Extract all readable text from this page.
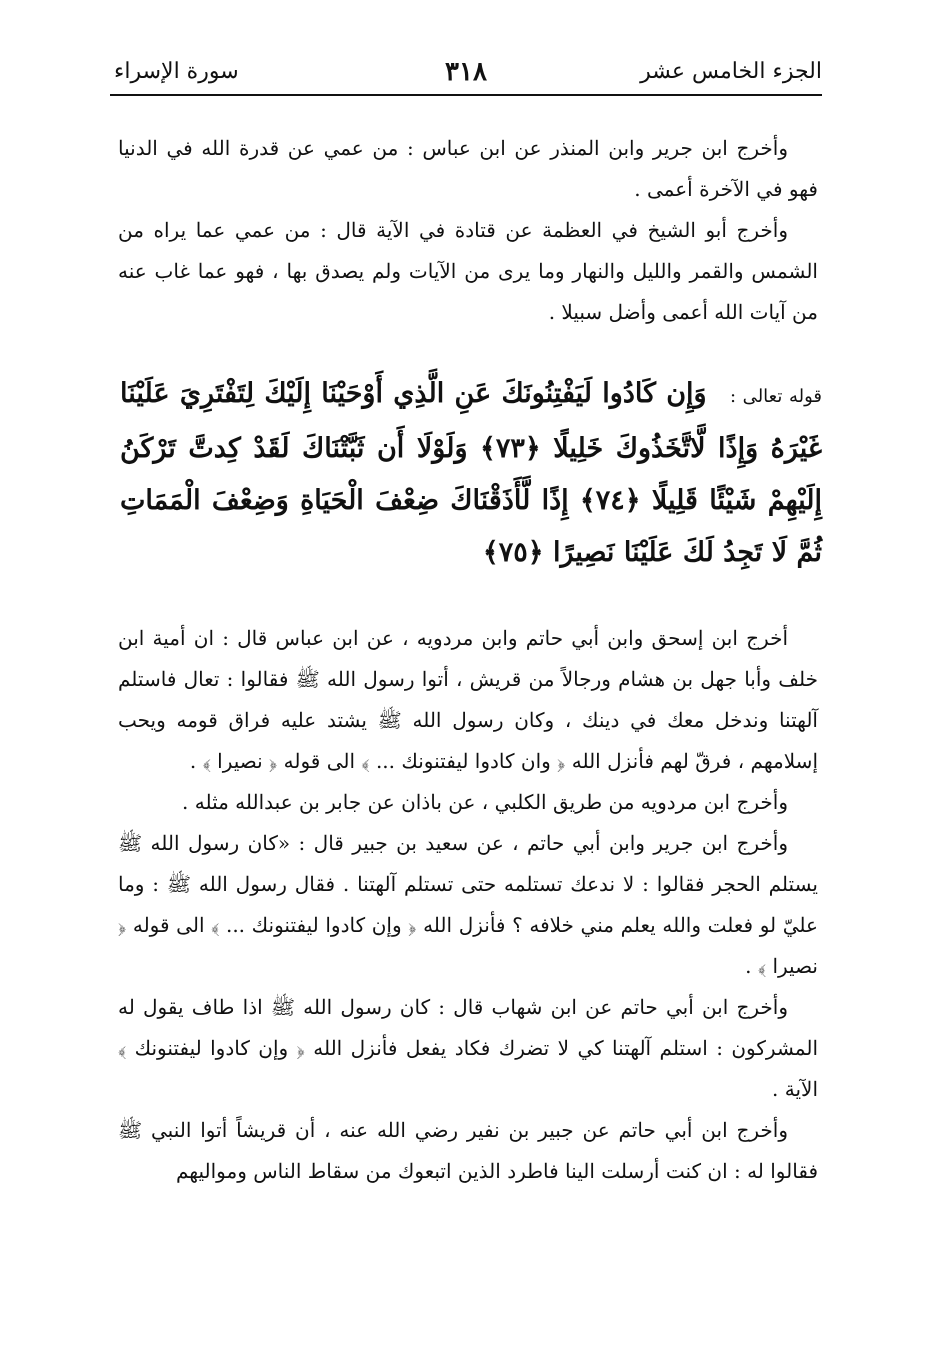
الجزء الخامس عشر
٣١٨
سورة الإسراء

وأخرج ابن جرير وابن المنذر عن ابن عباس : من عمي عن قدرة الله في الدنيا فهو في الآخرة أعمى .

وأخرج أبو الشيخ في العظمة عن قتادة في الآية قال : من عمي عما يراه من الشمس والقمر والليل والنهار وما يرى من الآيات ولم يصدق بها ، فهو عما غاب عنه من آيات الله أعمى وأضل سبيلا .

قوله تعالى : وَإِن كَادُوا لَيَفْتِنُونَكَ عَنِ الَّذِي أَوْحَيْنَا إِلَيْكَ لِتَفْتَرِيَ عَلَيْنَا غَيْرَهُ وَإِذًا لَّاتَّخَذُوكَ خَلِيلًا ﴿٧٣﴾ وَلَوْلَا أَن ثَبَّتْنَاكَ لَقَدْ كِدتَّ تَرْكَنُ إِلَيْهِمْ شَيْئًا قَلِيلًا ﴿٧٤﴾ إِذًا لَّأَذَقْنَاكَ ضِعْفَ الْحَيَاةِ وَضِعْفَ الْمَمَاتِ ثُمَّ لَا تَجِدُ لَكَ عَلَيْنَا نَصِيرًا ﴿٧٥﴾

أخرج ابن إسحق وابن أبي حاتم وابن مردويه ، عن ابن عباس قال : ان أمية ابن خلف وأبا جهل بن هشام ورجالاً من قريش ، أتوا رسول الله ﷺ فقالوا : تعال فاستلم آلهتنا وندخل معك في دينك ، وكان رسول الله ﷺ يشتد عليه فراق قومه ويحب إسلامهم ، فرقّ لهم فأنزل الله ﴿ وان كادوا ليفتنونك ... ﴾ الى قوله ﴿ نصيرا ﴾ .

وأخرج ابن مردويه من طريق الكلبي ، عن باذان عن جابر بن عبدالله مثله .

وأخرج ابن جرير وابن أبي حاتم ، عن سعيد بن جبير قال : «كان رسول الله ﷺ يستلم الحجر فقالوا : لا ندعك تستلمه حتى تستلم آلهتنا . فقال رسول الله ﷺ : وما عليّ لو فعلت والله يعلم مني خلافه ؟ فأنزل الله ﴿ وإن كادوا ليفتنونك ... ﴾ الى قوله ﴿ نصيرا ﴾ .

وأخرج ابن أبي حاتم عن ابن شهاب قال : كان رسول الله ﷺ اذا طاف يقول له المشركون : استلم آلهتنا كي لا تضرك فكاد يفعل فأنزل الله ﴿ وإن كادوا ليفتنونك ﴾ الآية .

وأخرج ابن أبي حاتم عن جبير بن نفير رضي الله عنه ، أن قريشاً أتوا النبي ﷺ فقالوا له : ان كنت أرسلت الينا فاطرد الذين اتبعوك من سقاط الناس ومواليهم
